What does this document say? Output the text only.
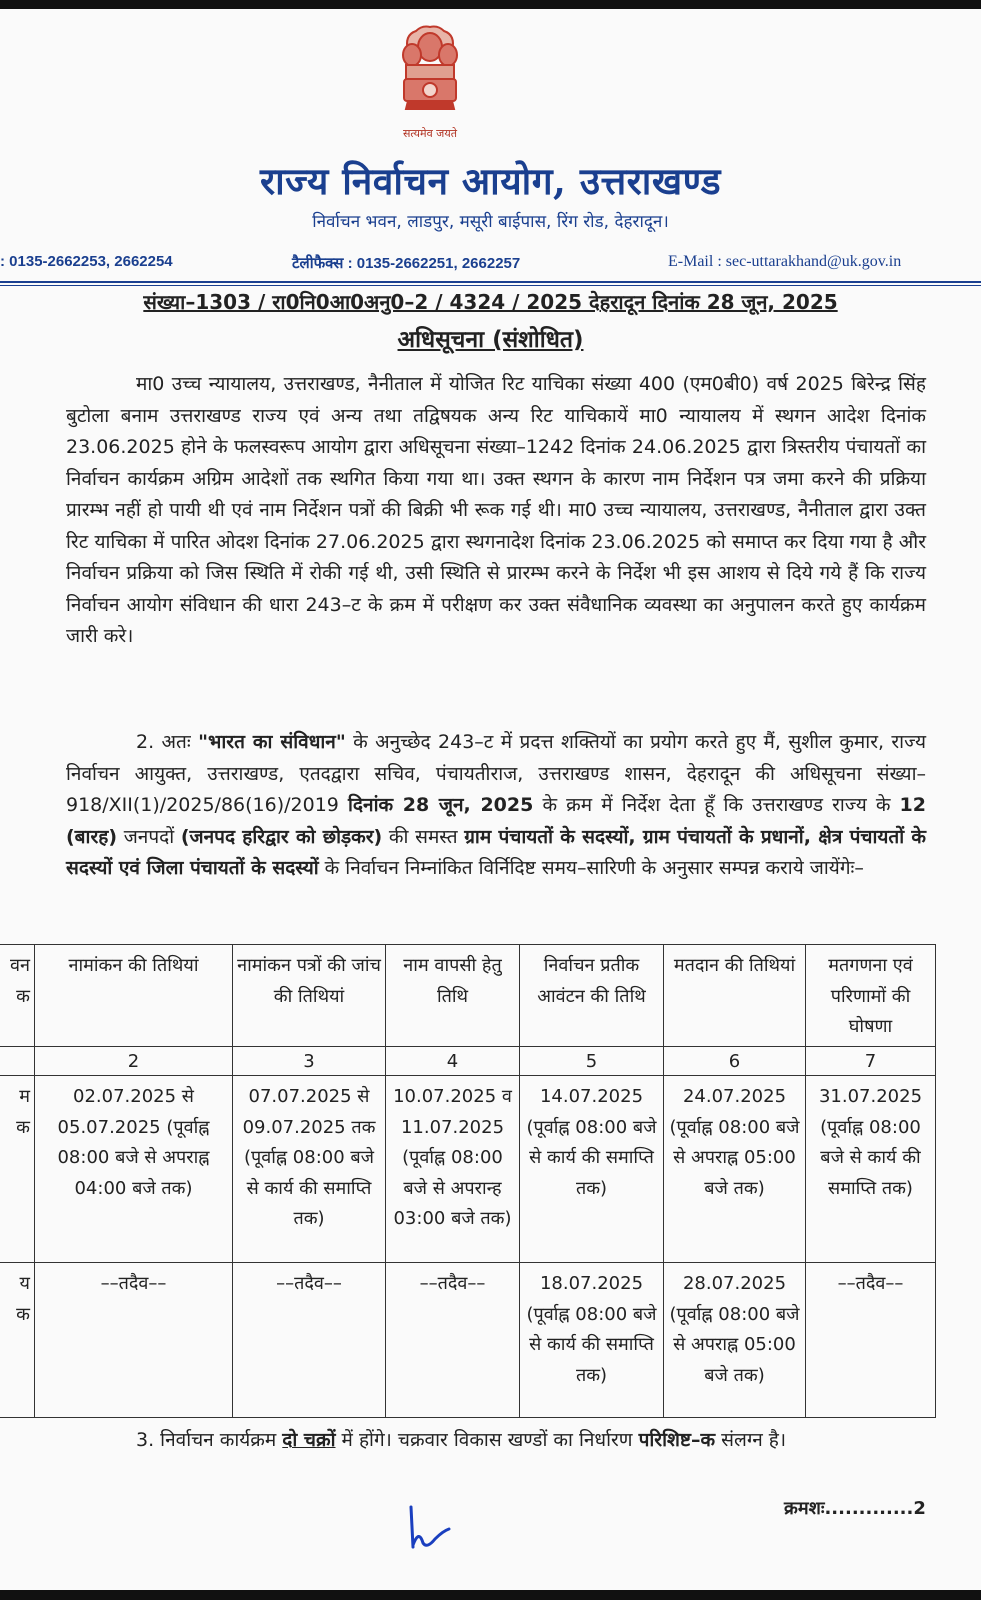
सत्यमेव जयते
राज्य निर्वाचन आयोग, उत्तराखण्ड
निर्वाचन भवन, लाडपुर, मसूरी बाईपास, रिंग रोड, देहरादून।
: 0135-2662253, 2662254	टैलीफैक्स : 0135-2662251, 2662257	E-Mail : sec-uttarakhand@uk.gov.in
संख्या–1303 / रा0नि0आ0अनु0–2 / 4324 / 2025 देहरादून दिनांक 28 जून, 2025
अधिसूचना (संशोधित)
मा0 उच्च न्यायालय, उत्तराखण्ड, नैनीताल में योजित रिट याचिका संख्या 400 (एम0बी0) वर्ष 2025 बिरेन्द्र सिंह बुटोला बनाम उत्तराखण्ड राज्य एवं अन्य तथा तद्विषयक अन्य रिट याचिकायें मा0 न्यायालय में स्थगन आदेश दिनांक 23.06.2025 होने के फलस्वरूप आयोग द्वारा अधिसूचना संख्या–1242 दिनांक 24.06.2025 द्वारा त्रिस्तरीय पंचायतों का निर्वाचन कार्यक्रम अग्रिम आदेशों तक स्थगित किया गया था। उक्त स्थगन के कारण नाम निर्देशन पत्र जमा करने की प्रक्रिया प्रारम्भ नहीं हो पायी थी एवं नाम निर्देशन पत्रों की बिक्री भी रूक गई थी। मा0 उच्च न्यायालय, उत्तराखण्ड, नैनीताल द्वारा उक्त रिट याचिका में पारित ओदश दिनांक 27.06.2025 द्वारा स्थगनादेश दिनांक 23.06.2025 को समाप्त कर दिया गया है और निर्वाचन प्रक्रिया को जिस स्थिति में रोकी गई थी, उसी स्थिति से प्रारम्भ करने के निर्देश भी इस आशय से दिये गये हैं कि राज्य निर्वाचन आयोग संविधान की धारा 243–ट के क्रम में परीक्षण कर उक्त संवैधानिक व्यवस्था का अनुपालन करते हुए कार्यक्रम जारी करे।
2. अतः "भारत का संविधान" के अनुच्छेद 243–ट में प्रदत्त शक्तियों का प्रयोग करते हुए मैं, सुशील कुमार, राज्य निर्वाचन आयुक्त, उत्तराखण्ड, एतदद्वारा सचिव, पंचायतीराज, उत्तराखण्ड शासन, देहरादून की अधिसूचना संख्या–918/XII(1)/2025/86(16)/2019 दिनांक 28 जून, 2025 के क्रम में निर्देश देता हूँ कि उत्तराखण्ड राज्य के 12 (बारह) जनपदों (जनपद हरिद्वार को छोड़कर) की समस्त ग्राम पंचायतों के सदस्यों, ग्राम पंचायतों के प्रधानों, क्षेत्र पंचायतों के सदस्यों एवं जिला पंचायतों के सदस्यों के निर्वाचन निम्नांकित विर्निदिष्ट समय–सारिणी के अनुसार सम्पन्न कराये जायेंगेः–
वन
क	नामांकन की तिथियां	नामांकन पत्रों की जांच की तिथियां	नाम वापसी हेतु तिथि	निर्वाचन प्रतीक आवंटन की तिथि	मतदान की तिथियां	मतगणना एवं परिणामों की घोषणा
	2	3	4	5	6	7
म
क	02.07.2025 से 05.07.2025 (पूर्वाह्न 08:00 बजे से अपराह्न 04:00 बजे तक)	07.07.2025 से 09.07.2025 तक (पूर्वाह्न 08:00 बजे से कार्य की समाप्ति तक)	10.07.2025 व 11.07.2025 (पूर्वाह्न 08:00 बजे से अपरान्ह 03:00 बजे तक)	14.07.2025 (पूर्वाह्न 08:00 बजे से कार्य की समाप्ति तक)	24.07.2025 (पूर्वाह्न 08:00 बजे से अपराह्न 05:00 बजे तक)	31.07.2025 (पूर्वाह्न 08:00 बजे से कार्य की समाप्ति तक)
य
क	––तदैव––	––तदैव––	––तदैव––	18.07.2025 (पूर्वाह्न 08:00 बजे से कार्य की समाप्ति तक)	28.07.2025 (पूर्वाह्न 08:00 बजे से अपराह्न 05:00 बजे तक)	––तदैव––
3. निर्वाचन कार्यक्रम दो चक्रों में होंगे। चक्रवार विकास खण्डों का निर्धारण परिशिष्ट–क संलग्न है।
क्रमशः.............2
